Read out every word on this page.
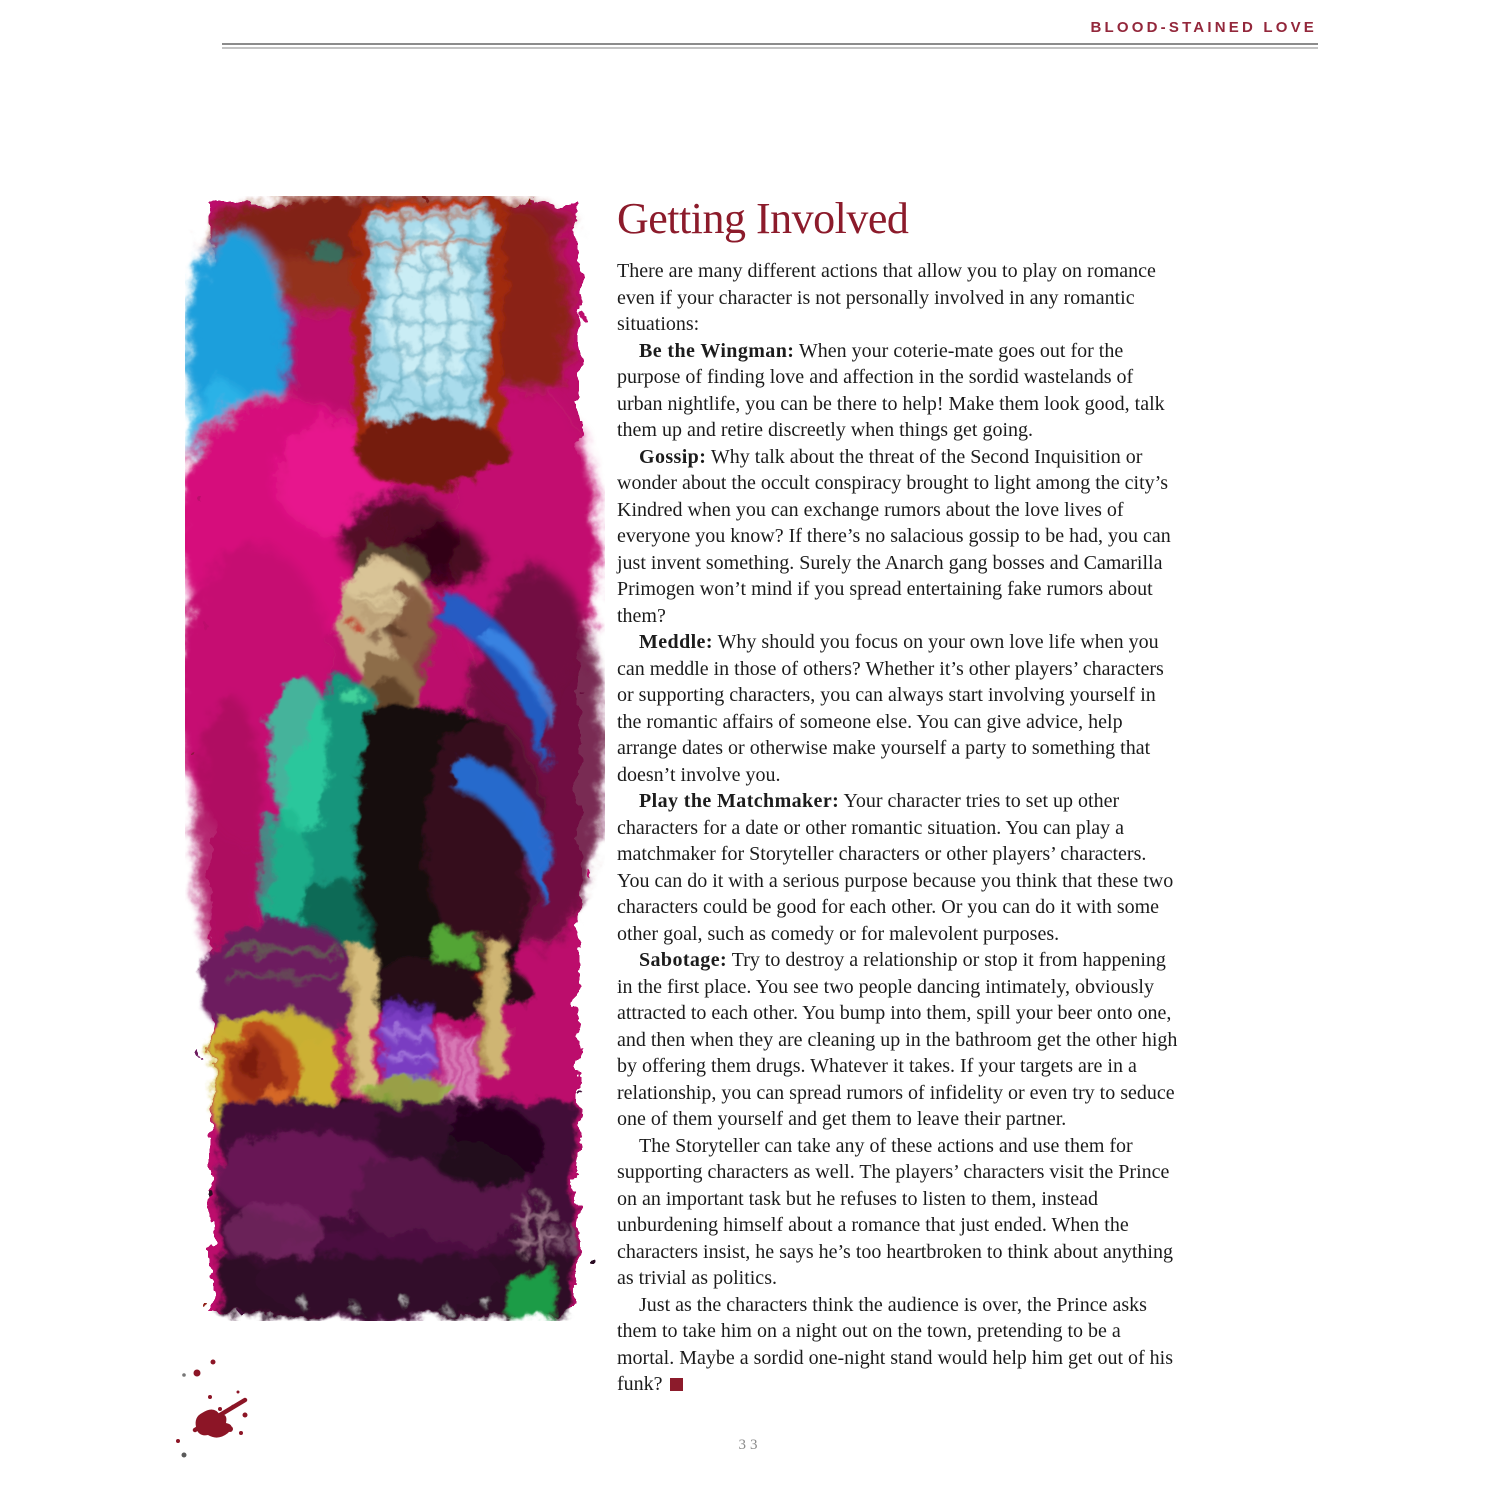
BLOOD-STAINED LOVE
Getting Involved

There are many different actions that allow you to play on romance even if your character is not personally involved in any romantic situations:

Be the Wingman: When your coterie-mate goes out for the purpose of finding love and affection in the sordid wastelands of urban nightlife, you can be there to help! Make them look good, talk them up and retire discreetly when things get going.

Gossip: Why talk about the threat of the Second Inquisition or wonder about the occult conspiracy brought to light among the city’s Kindred when you can exchange rumors about the love lives of everyone you know? If there’s no salacious gossip to be had, you can just invent something. Surely the Anarch gang bosses and Camarilla Primogen won’t mind if you spread entertaining fake rumors about them?

Meddle: Why should you focus on your own love life when you can meddle in those of others? Whether it’s other players’ characters or supporting characters, you can always start involving yourself in the romantic affairs of someone else. You can give advice, help arrange dates or otherwise make yourself a party to something that doesn’t involve you.

Play the Matchmaker: Your character tries to set up other characters for a date or other romantic situation. You can play a matchmaker for Storyteller characters or other players’ characters. You can do it with a serious purpose because you think that these two characters could be good for each other. Or you can do it with some other goal, such as comedy or for malevolent purposes.

Sabotage: Try to destroy a relationship or stop it from happening in the first place. You see two people dancing intimately, obviously attracted to each other. You bump into them, spill your beer onto one, and then when they are cleaning up in the bathroom get the other high by offering them drugs. Whatever it takes. If your targets are in a relationship, you can spread rumors of infidelity or even try to seduce one of them yourself and get them to leave their partner.

The Storyteller can take any of these actions and use them for supporting characters as well. The players’ characters visit the Prince on an important task but he refuses to listen to them, instead unburdening himself about a romance that just ended. When the characters insist, he says he’s too heartbroken to think about anything as trivial as politics.

Just as the characters think the audience is over, the Prince asks them to take him on a night out on the town, pretending to be a mortal. Maybe a sordid one-night stand would help him get out of his funk?

33
